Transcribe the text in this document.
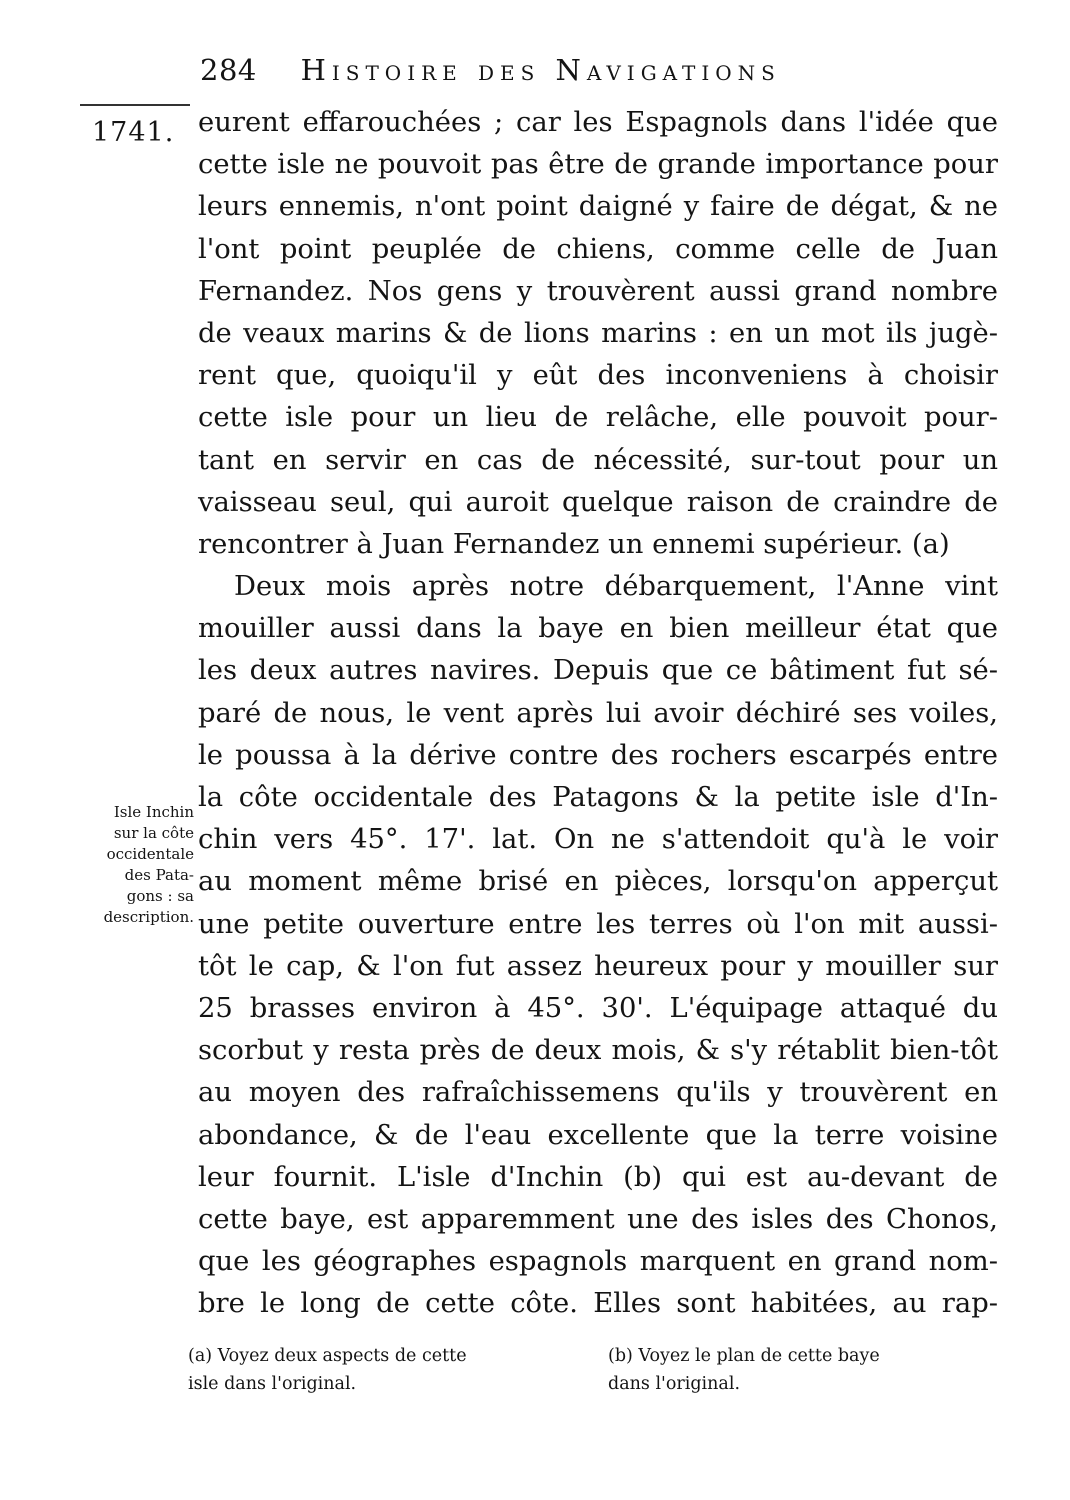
284 Histoire des Navigations
1741. eurent effarouchées ; car les Espagnols dans l'idée que
cette isle ne pouvoit pas être de grande importance pour
leurs ennemis, n'ont point daigné y faire de dégat, & ne
l'ont point peuplée de chiens, comme celle de Juan
Fernandez. Nos gens y trouvèrent aussi grand nombre
de veaux marins & de lions marins : en un mot ils jugè-
rent que, quoiqu'il y eût des inconveniens à choisir
cette isle pour un lieu de relâche, elle pouvoit pour-
tant en servir en cas de nécessité, sur-tout pour un
vaisseau seul, qui auroit quelque raison de craindre de
rencontrer à Juan Fernandez un ennemi supérieur. (a)
Deux mois après notre débarquement, l'Anne vint
mouiller aussi dans la baye en bien meilleur état que
les deux autres navires. Depuis que ce bâtiment fut sé-
paré de nous, le vent après lui avoir déchiré ses voiles,
le poussa à la dérive contre des rochers escarpés entre
la côte occidentale des Patagons & la petite isle d'In-
chin vers 45°. 17'. lat. On ne s'attendoit qu'à le voir
au moment même brisé en pièces, lorsqu'on apperçut
une petite ouverture entre les terres où l'on mit aussi-
tôt le cap, & l'on fut assez heureux pour y mouiller sur
25 brasses environ à 45°. 30'. L'équipage attaqué du
scorbut y resta près de deux mois, & s'y rétablit bien-tôt
au moyen des rafraîchissemens qu'ils y trouvèrent en
abondance, & de l'eau excellente que la terre voisine
leur fournit. L'isle d'Inchin (b) qui est au-devant de
cette baye, est apparemment une des isles des Chonos,
que les géographes espagnols marquent en grand nom-
bre le long de cette côte. Elles sont habitées, au rap-
Isle Inchin
sur la côte
occidentale
des Pata-
gons : sa
description.
(a) Voyez deux aspects de cette
isle dans l'original.
(b) Voyez le plan de cette baye
dans l'original.
